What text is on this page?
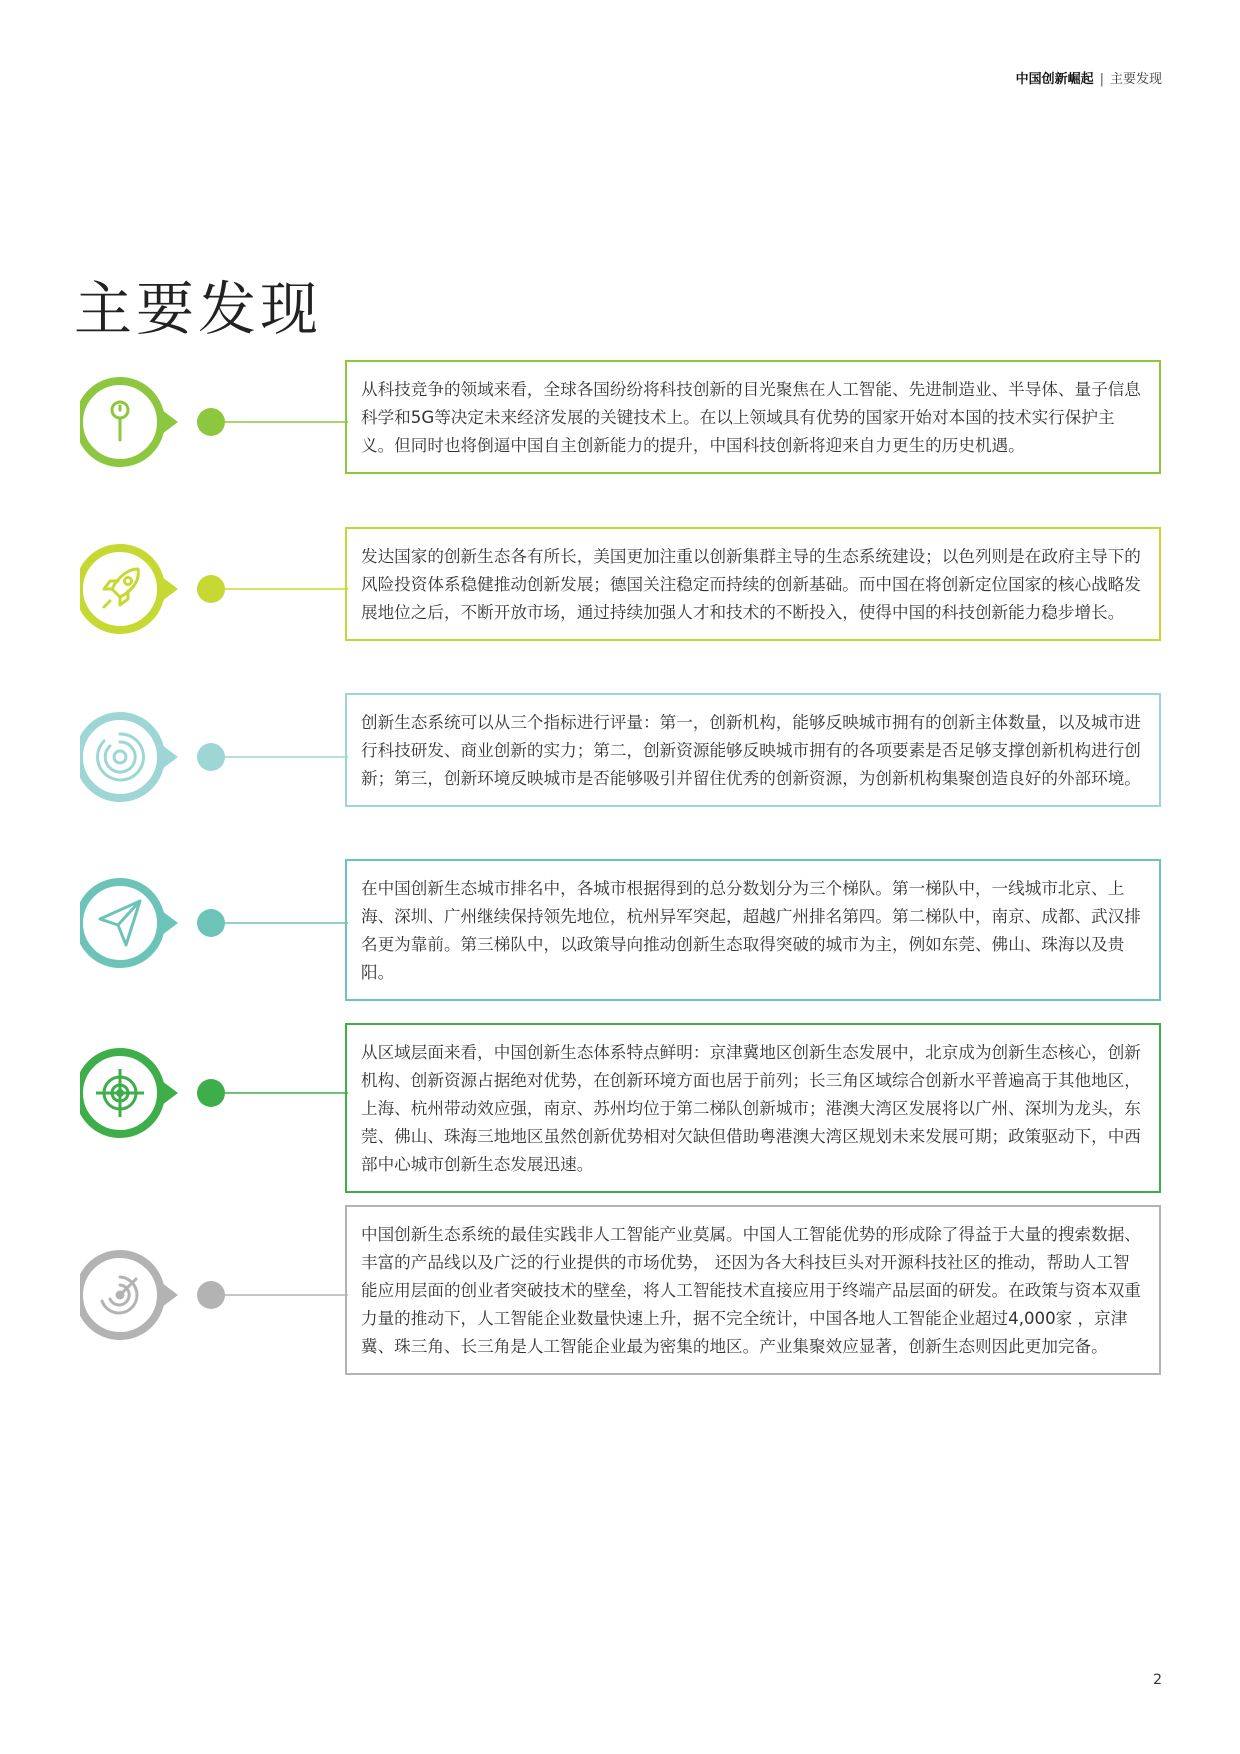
中国创新崛起 | 主要发现
主要发现
从科技竞争的领域来看，全球各国纷纷将科技创新的目光聚焦在人工智能、先进制造业、半导体、量子信息科学和5G等决定未来经济发展的关键技术上。在以上领域具有优势的国家开始对本国的技术实行保护主义。但同时也将倒逼中国自主创新能力的提升，中国科技创新将迎来自力更生的历史机遇。
发达国家的创新生态各有所长，美国更加注重以创新集群主导的生态系统建设；以色列则是在政府主导下的风险投资体系稳健推动创新发展；德国关注稳定而持续的创新基础。而中国在将创新定位国家的核心战略发展地位之后，不断开放市场，通过持续加强人才和技术的不断投入，使得中国的科技创新能力稳步增长。
创新生态系统可以从三个指标进行评量：第一，创新机构，能够反映城市拥有的创新主体数量，以及城市进行科技研发、商业创新的实力；第二，创新资源能够反映城市拥有的各项要素是否足够支撑创新机构进行创新；第三，创新环境反映城市是否能够吸引并留住优秀的创新资源，为创新机构集聚创造良好的外部环境。
在中国创新生态城市排名中，各城市根据得到的总分数划分为三个梯队。第一梯队中，一线城市北京、上海、深圳、广州继续保持领先地位，杭州异军突起，超越广州排名第四。第二梯队中，南京、成都、武汉排名更为靠前。第三梯队中，以政策导向推动创新生态取得突破的城市为主，例如东莞、佛山、珠海以及贵阳。
从区域层面来看，中国创新生态体系特点鲜明：京津冀地区创新生态发展中，北京成为创新生态核心，创新机构、创新资源占据绝对优势，在创新环境方面也居于前列；长三角区域综合创新水平普遍高于其他地区，上海、杭州带动效应强，南京、苏州均位于第二梯队创新城市；港澳大湾区发展将以广州、深圳为龙头，东莞、佛山、珠海三地地区虽然创新优势相对欠缺但借助粤港澳大湾区规划未来发展可期；政策驱动下，中西部中心城市创新生态发展迅速。
中国创新生态系统的最佳实践非人工智能产业莫属。中国人工智能优势的形成除了得益于大量的搜索数据、丰富的产品线以及广泛的行业提供的市场优势， 还因为各大科技巨头对开源科技社区的推动，帮助人工智能应用层面的创业者突破技术的壁垒，将人工智能技术直接应用于终端产品层面的研发。在政策与资本双重力量的推动下，人工智能企业数量快速上升，据不完全统计，中国各地人工智能企业超过4,000家 ，京津冀、珠三角、长三角是人工智能企业最为密集的地区。产业集聚效应显著，创新生态则因此更加完备。
2
